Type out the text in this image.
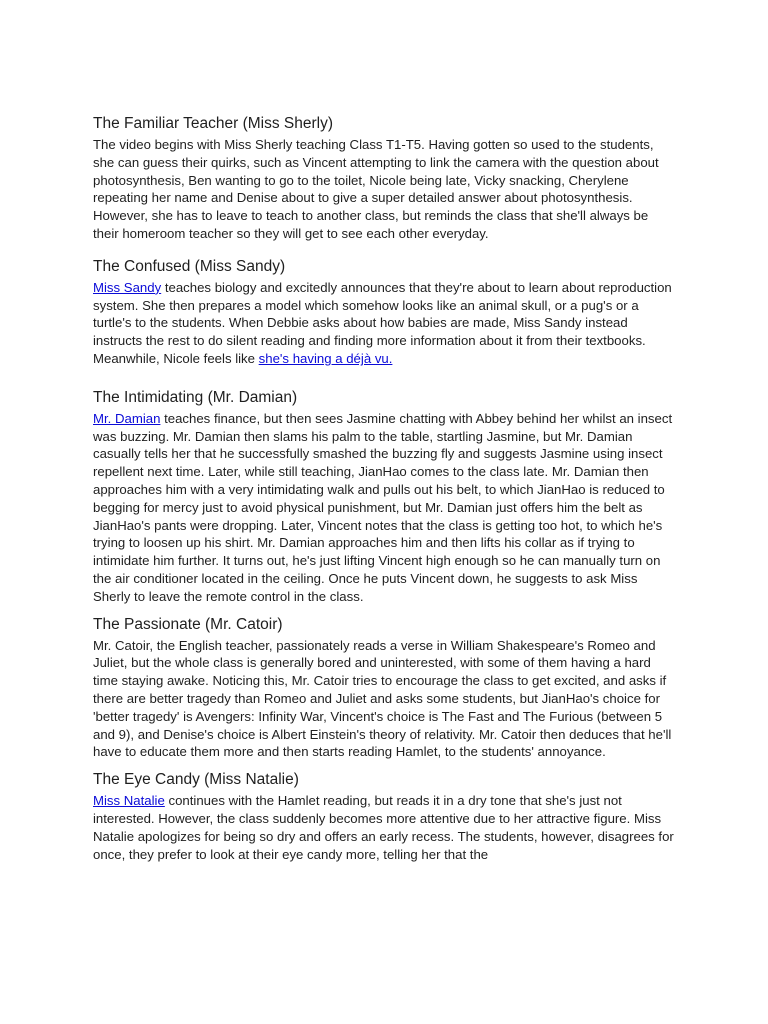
The Familiar Teacher (Miss Sherly)

The video begins with Miss Sherly teaching Class T1-T5. Having gotten so used to the students, she can guess their quirks, such as Vincent attempting to link the camera with the question about photosynthesis, Ben wanting to go to the toilet, Nicole being late, Vicky snacking, Cherylene repeating her name and Denise about to give a super detailed answer about photosynthesis. However, she has to leave to teach to another class, but reminds the class that she'll always be their homeroom teacher so they will get to see each other everyday.

The Confused (Miss Sandy)

Miss Sandy teaches biology and excitedly announces that they're about to learn about reproduction system. She then prepares a model which somehow looks like an animal skull, or a pug's or a turtle's to the students. When Debbie asks about how babies are made, Miss Sandy instead instructs the rest to do silent reading and finding more information about it from their textbooks. Meanwhile, Nicole feels like she's having a déjà vu.

The Intimidating (Mr. Damian)

Mr. Damian teaches finance, but then sees Jasmine chatting with Abbey behind her whilst an insect was buzzing. Mr. Damian then slams his palm to the table, startling Jasmine, but Mr. Damian casually tells her that he successfully smashed the buzzing fly and suggests Jasmine using insect repellent next time. Later, while still teaching, JianHao comes to the class late. Mr. Damian then approaches him with a very intimidating walk and pulls out his belt, to which JianHao is reduced to begging for mercy just to avoid physical punishment, but Mr. Damian just offers him the belt as JianHao's pants were dropping. Later, Vincent notes that the class is getting too hot, to which he's trying to loosen up his shirt. Mr. Damian approaches him and then lifts his collar as if trying to intimidate him further. It turns out, he's just lifting Vincent high enough so he can manually turn on the air conditioner located in the ceiling. Once he puts Vincent down, he suggests to ask Miss Sherly to leave the remote control in the class.

The Passionate (Mr. Catoir)

Mr. Catoir, the English teacher, passionately reads a verse in William Shakespeare's Romeo and Juliet, but the whole class is generally bored and uninterested, with some of them having a hard time staying awake. Noticing this, Mr. Catoir tries to encourage the class to get excited, and asks if there are better tragedy than Romeo and Juliet and asks some students, but JianHao's choice for 'better tragedy' is Avengers: Infinity War, Vincent's choice is The Fast and The Furious (between 5 and 9), and Denise's choice is Albert Einstein's theory of relativity. Mr. Catoir then deduces that he'll have to educate them more and then starts reading Hamlet, to the students' annoyance.

The Eye Candy (Miss Natalie)

Miss Natalie continues with the Hamlet reading, but reads it in a dry tone that she's just not interested. However, the class suddenly becomes more attentive due to her attractive figure. Miss Natalie apologizes for being so dry and offers an early recess. The students, however, disagrees for once, they prefer to look at their eye candy more, telling her that the
